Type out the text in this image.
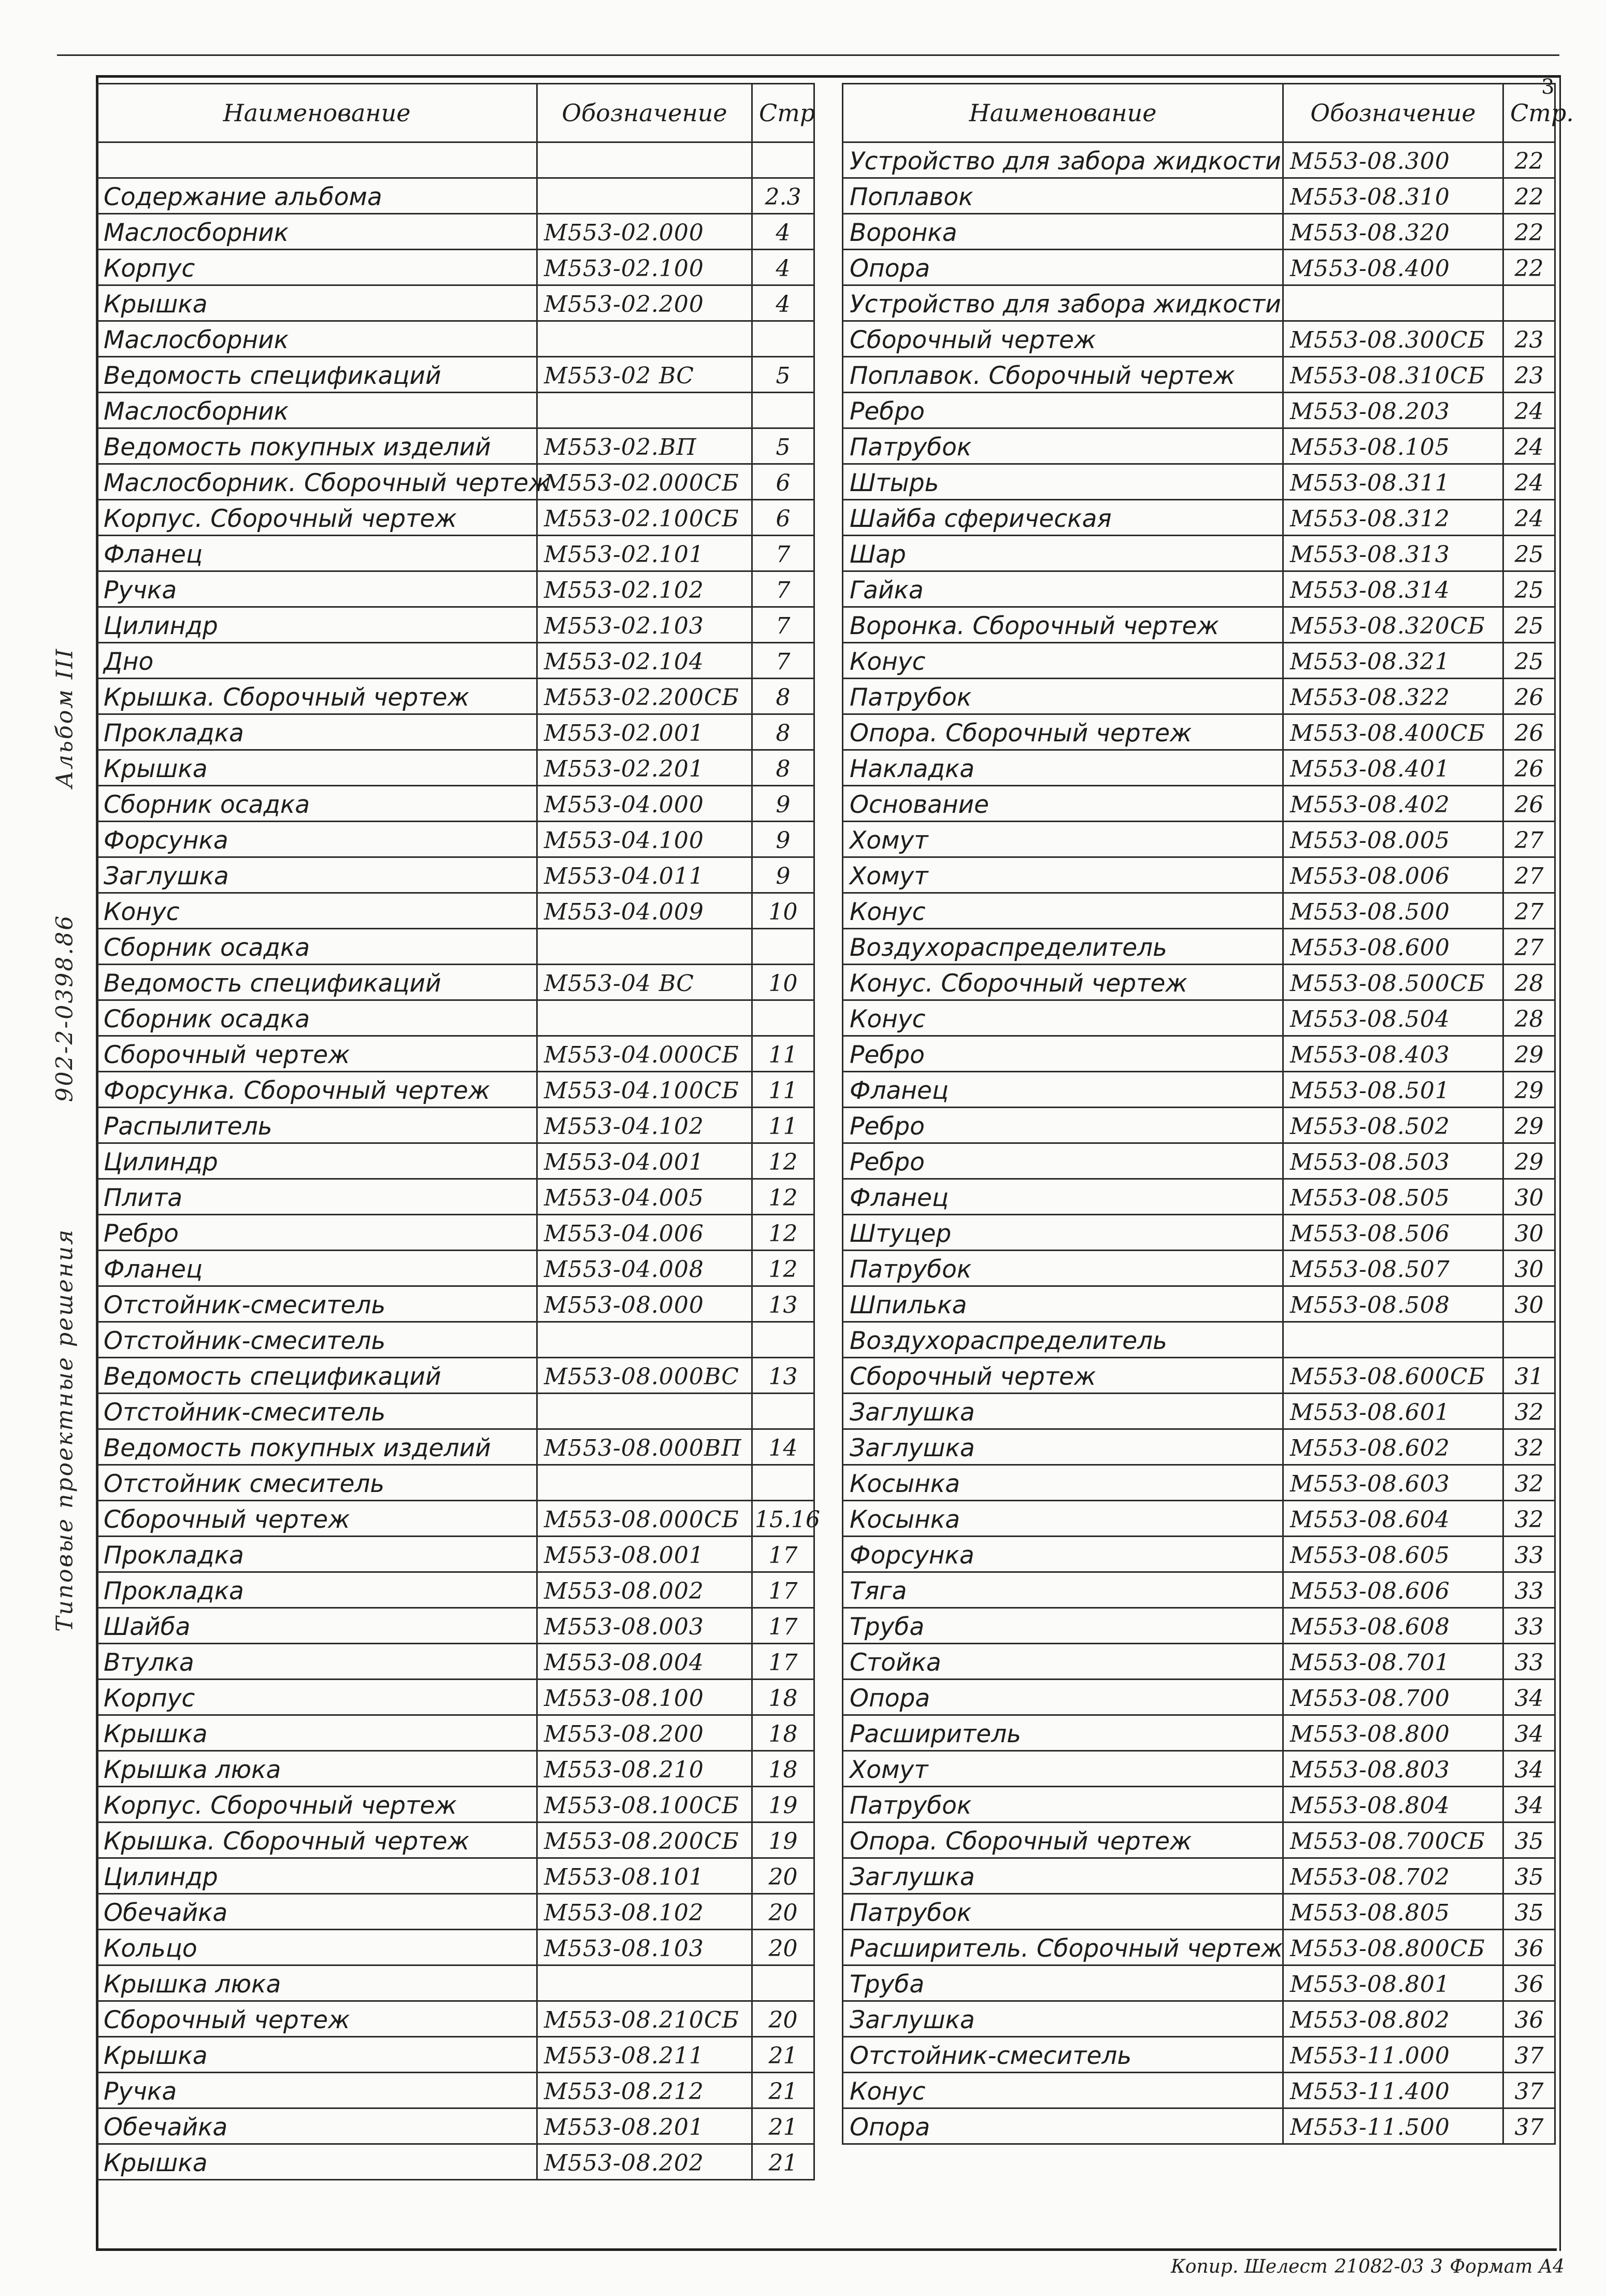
3
Типовые проектные решения
902-2-0398.86
Альбом III
Наименование	Обозначение	Стр

Содержание альбома		2.3
Маслосборник	М553-02.000	4
Корпус	М553-02.100	4
Крышка	М553-02.200	4
Маслосборник		
Ведомость спецификаций	М553-02 ВС	5
Маслосборник		
Ведомость покупных изделий	М553-02.ВП	5
Маслосборник. Сборочный чертеж	М553-02.000СБ	6
Корпус. Сборочный чертеж	М553-02.100СБ	6
Фланец	М553-02.101	7
Ручка	М553-02.102	7
Цилиндр	М553-02.103	7
Дно	М553-02.104	7
Крышка. Сборочный чертеж	М553-02.200СБ	8
Прокладка	М553-02.001	8
Крышка	М553-02.201	8
Сборник осадка	М553-04.000	9
Форсунка	М553-04.100	9
Заглушка	М553-04.011	9
Конус	М553-04.009	10
Сборник осадка		
Ведомость спецификаций	М553-04 ВС	10
Сборник осадка		
Сборочный чертеж	М553-04.000СБ	11
Форсунка. Сборочный чертеж	М553-04.100СБ	11
Распылитель	М553-04.102	11
Цилиндр	М553-04.001	12
Плита	М553-04.005	12
Ребро	М553-04.006	12
Фланец	М553-04.008	12
Отстойник-смеситель	М553-08.000	13
Отстойник-смеситель		
Ведомость спецификаций	М553-08.000ВС	13
Отстойник-смеситель		
Ведомость покупных изделий	М553-08.000ВП	14
Отстойник смеситель		
Сборочный чертеж	М553-08.000СБ	15.16
Прокладка	М553-08.001	17
Прокладка	М553-08.002	17
Шайба	М553-08.003	17
Втулка	М553-08.004	17
Корпус	М553-08.100	18
Крышка	М553-08.200	18
Крышка люка	М553-08.210	18
Корпус. Сборочный чертеж	М553-08.100СБ	19
Крышка. Сборочный чертеж	М553-08.200СБ	19
Цилиндр	М553-08.101	20
Обечайка	М553-08.102	20
Кольцо	М553-08.103	20
Крышка люка		
Сборочный чертеж	М553-08.210СБ	20
Крышка	М553-08.211	21
Ручка	М553-08.212	21
Обечайка	М553-08.201	21
Крышка	М553-08.202	21
Наименование	Обозначение	Стр.
Устройство для забора жидкости	М553-08.300	22
Поплавок	М553-08.310	22
Воронка	М553-08.320	22
Опора	М553-08.400	22
Устройство для забора жидкости		
Сборочный чертеж	М553-08.300СБ	23
Поплавок. Сборочный чертеж	М553-08.310СБ	23
Ребро	М553-08.203	24
Патрубок	М553-08.105	24
Штырь	М553-08.311	24
Шайба сферическая	М553-08.312	24
Шар	М553-08.313	25
Гайка	М553-08.314	25
Воронка. Сборочный чертеж	М553-08.320СБ	25
Конус	М553-08.321	25
Патрубок	М553-08.322	26
Опора. Сборочный чертеж	М553-08.400СБ	26
Накладка	М553-08.401	26
Основание	М553-08.402	26
Хомут	М553-08.005	27
Хомут	М553-08.006	27
Конус	М553-08.500	27
Воздухораспределитель	М553-08.600	27
Конус. Сборочный чертеж	М553-08.500СБ	28
Конус	М553-08.504	28
Ребро	М553-08.403	29
Фланец	М553-08.501	29
Ребро	М553-08.502	29
Ребро	М553-08.503	29
Фланец	М553-08.505	30
Штуцер	М553-08.506	30
Патрубок	М553-08.507	30
Шпилька	М553-08.508	30
Воздухораспределитель		
Сборочный чертеж	М553-08.600СБ	31
Заглушка	М553-08.601	32
Заглушка	М553-08.602	32
Косынка	М553-08.603	32
Косынка	М553-08.604	32
Форсунка	М553-08.605	33
Тяга	М553-08.606	33
Труба	М553-08.608	33
Стойка	М553-08.701	33
Опора	М553-08.700	34
Расширитель	М553-08.800	34
Хомут	М553-08.803	34
Патрубок	М553-08.804	34
Опора. Сборочный чертеж	М553-08.700СБ	35
Заглушка	М553-08.702	35
Патрубок	М553-08.805	35
Расширитель. Сборочный чертеж	М553-08.800СБ	36
Труба	М553-08.801	36
Заглушка	М553-08.802	36
Отстойник-смеситель	М553-11.000	37
Конус	М553-11.400	37
Опора	М553-11.500	37
Копир. Шелест 21082-03 3 Формат А4
